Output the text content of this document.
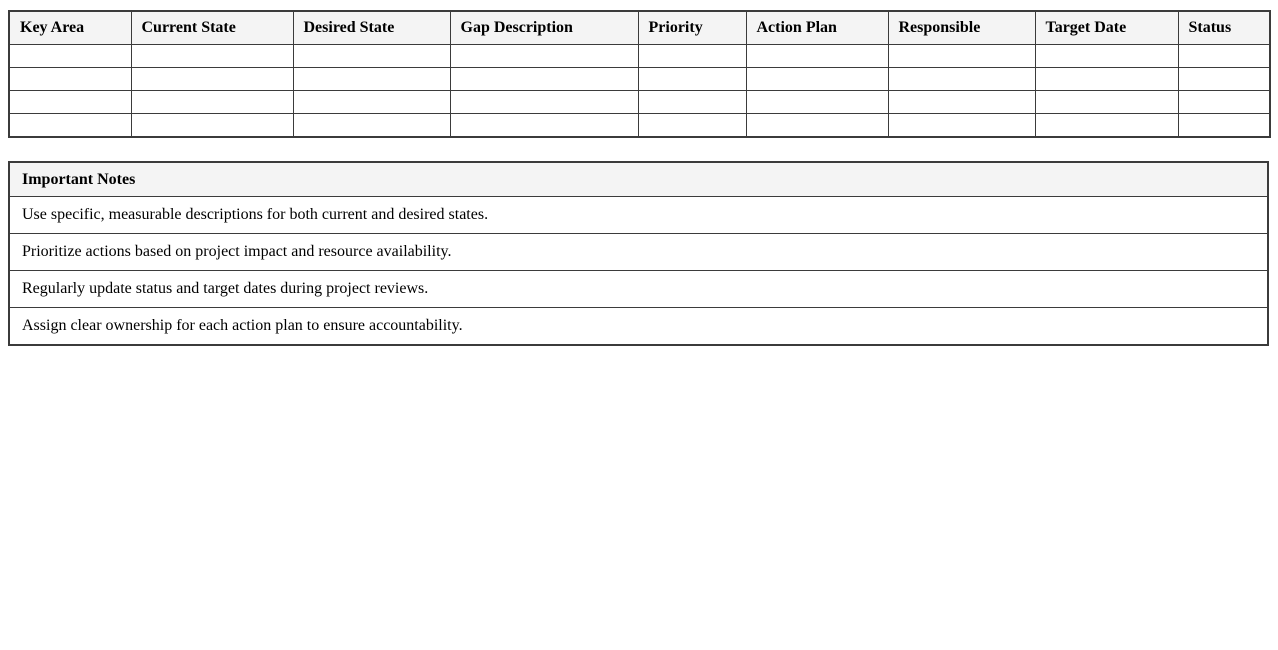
Key Area	Current State	Desired State	Gap Description	Priority	Action Plan	Responsible	Target Date	Status

Important Notes
Use specific, measurable descriptions for both current and desired states.
Prioritize actions based on project impact and resource availability.
Regularly update status and target dates during project reviews.
Assign clear ownership for each action plan to ensure accountability.
